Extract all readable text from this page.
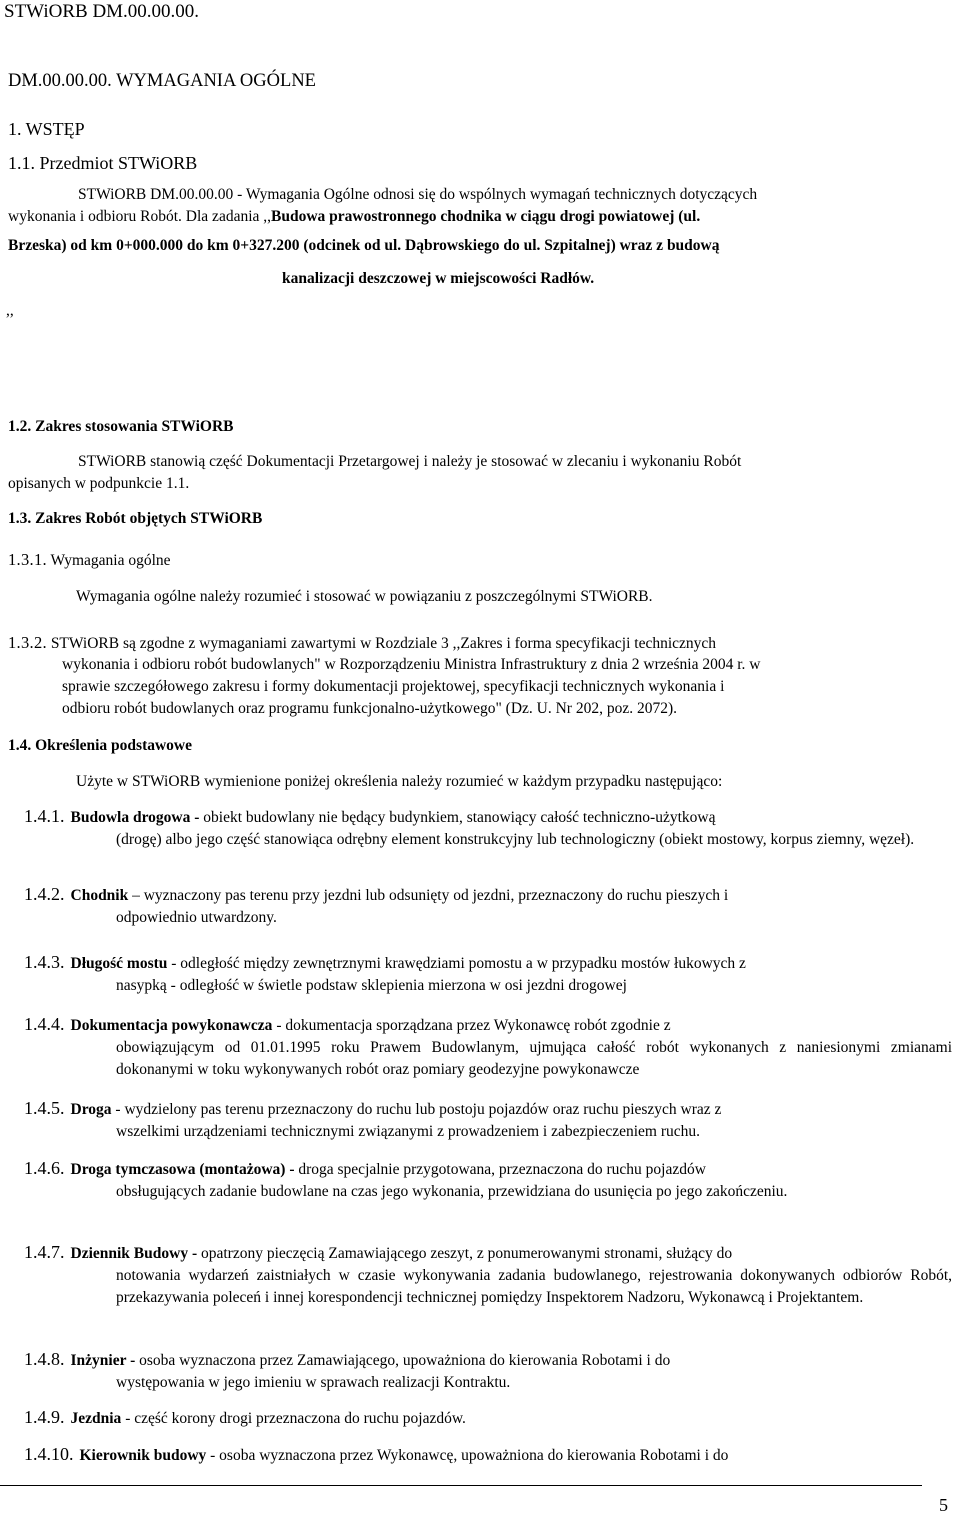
STWiORB DM.00.00.00.
DM.00.00.00. WYMAGANIA OGÓLNE
1. WSTĘP
1.1. Przedmiot STWiORB
STWiORB DM.00.00.00 - Wymagania Ogólne odnosi się do wspólnych wymagań technicznych dotyczących
wykonania i odbioru Robót. Dla zadania ,,Budowa prawostronnego chodnika w ciągu drogi powiatowej (ul.
Brzeska) od km 0+000.000 do km 0+327.200 (odcinek od ul. Dąbrowskiego do ul. Szpitalnej) wraz z budową
kanalizacji deszczowej w miejscowości Radłów.
,,
1.2. Zakres stosowania STWiORB
STWiORB stanowią część Dokumentacji Przetargowej i należy je stosować w zlecaniu i wykonaniu Robót
opisanych w podpunkcie 1.1.
1.3. Zakres Robót objętych STWiORB
1.3.1. Wymagania ogólne
Wymagania ogólne należy rozumieć i stosować w powiązaniu z poszczególnymi STWiORB.
1.3.2. STWiORB są zgodne z wymaganiami zawartymi w Rozdziale 3 ,,Zakres i forma specyfikacji technicznych
wykonania i odbioru robót budowlanych" w Rozporządzeniu Ministra Infrastruktury z dnia 2 września 2004 r. w
sprawie szczegółowego zakresu i formy dokumentacji projektowej, specyfikacji technicznych wykonania i
odbioru robót budowlanych oraz programu funkcjonalno-użytkowego" (Dz. U. Nr 202, poz. 2072).
1.4. Określenia podstawowe
Użyte w STWiORB wymienione poniżej określenia należy rozumieć w każdym przypadku następująco:
1.4.1. Budowla drogowa - obiekt budowlany nie będący budynkiem, stanowiący całość techniczno-użytkową
(drogę) albo jego część stanowiąca odrębny element konstrukcyjny lub technologiczny (obiekt mostowy, korpus ziemny, węzeł).
1.4.2. Chodnik – wyznaczony pas terenu przy jezdni lub odsunięty od jezdni, przeznaczony do ruchu pieszych i
odpowiednio utwardzony.
1.4.3. Długość mostu - odległość między zewnętrznymi krawędziami pomostu a w przypadku mostów łukowych z
nasypką - odległość w świetle podstaw sklepienia mierzona w osi jezdni drogowej
1.4.4. Dokumentacja powykonawcza - dokumentacja sporządzana przez Wykonawcę robót zgodnie z
obowiązującym od 01.01.1995 roku Prawem Budowlanym, ujmująca całość robót wykonanych z naniesionymi zmianami dokonanymi w toku wykonywanych robót oraz pomiary geodezyjne powykonawcze
1.4.5. Droga - wydzielony pas terenu przeznaczony do ruchu lub postoju pojazdów oraz ruchu pieszych wraz z
wszelkimi urządzeniami technicznymi związanymi z prowadzeniem i zabezpieczeniem ruchu.
1.4.6. Droga tymczasowa (montażowa) - droga specjalnie przygotowana, przeznaczona do ruchu pojazdów
obsługujących zadanie budowlane na czas jego wykonania, przewidziana do usunięcia po jego zakończeniu.
1.4.7. Dziennik Budowy - opatrzony pieczęcią Zamawiającego zeszyt, z ponumerowanymi stronami, służący do
notowania wydarzeń zaistniałych w czasie wykonywania zadania budowlanego, rejestrowania dokonywanych odbiorów Robót, przekazywania poleceń i innej korespondencji technicznej pomiędzy Inspektorem Nadzoru, Wykonawcą i Projektantem.
1.4.8. Inżynier - osoba wyznaczona przez Zamawiającego, upoważniona do kierowania Robotami i do
występowania w jego imieniu w sprawach realizacji Kontraktu.
1.4.9. Jezdnia - część korony drogi przeznaczona do ruchu pojazdów.
1.4.10. Kierownik budowy - osoba wyznaczona przez Wykonawcę, upoważniona do kierowania Robotami i do
5
